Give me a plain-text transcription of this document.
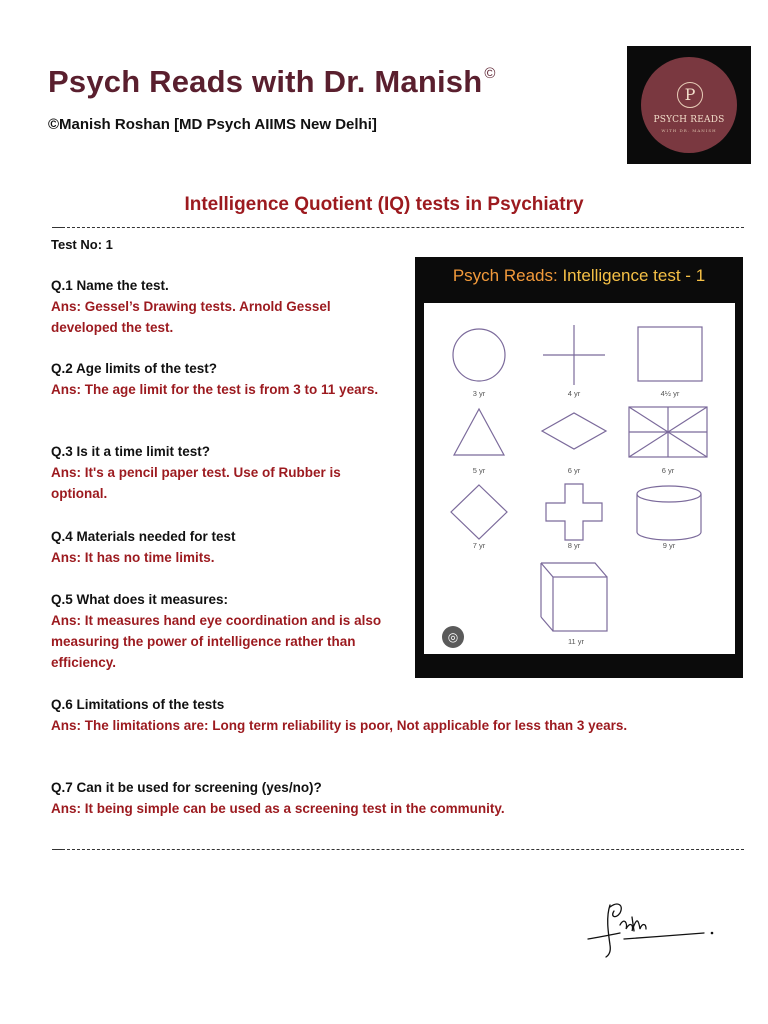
Psych Reads with Dr. Manish ©
©Manish Roshan [MD Psych AIIMS New Delhi]
P
PSYCH READS
WITH DR. MANISH
Intelligence Quotient (IQ) tests in Psychiatry
Test No: 1
Q.1 Name the test.
Ans: Gessel’s Drawing tests. Arnold Gessel developed the test.
Q.2 Age limits of the test?
Ans: The age limit for the test is from 3 to 11 years.
Q.3 Is it a time limit test?
Ans: It's a pencil paper test. Use of Rubber is optional.
Q.4 Materials needed for test
Ans: It has no time limits.
Q.5 What does it measures:
Ans: It measures hand eye coordination and is also measuring the power of intelligence rather than efficiency.
Q.6 Limitations of the tests
Ans: The limitations are: Long term reliability is poor, Not applicable for less than 3 years.
Q.7 Can it be used for screening (yes/no)?
Ans: It being simple can be used as a screening test in the community.
Psych Reads: Intelligence test - 1
3 yr	4 yr	4½ yr
5 yr	6 yr	6 yr
7 yr	8 yr	9 yr
11 yr
◎
